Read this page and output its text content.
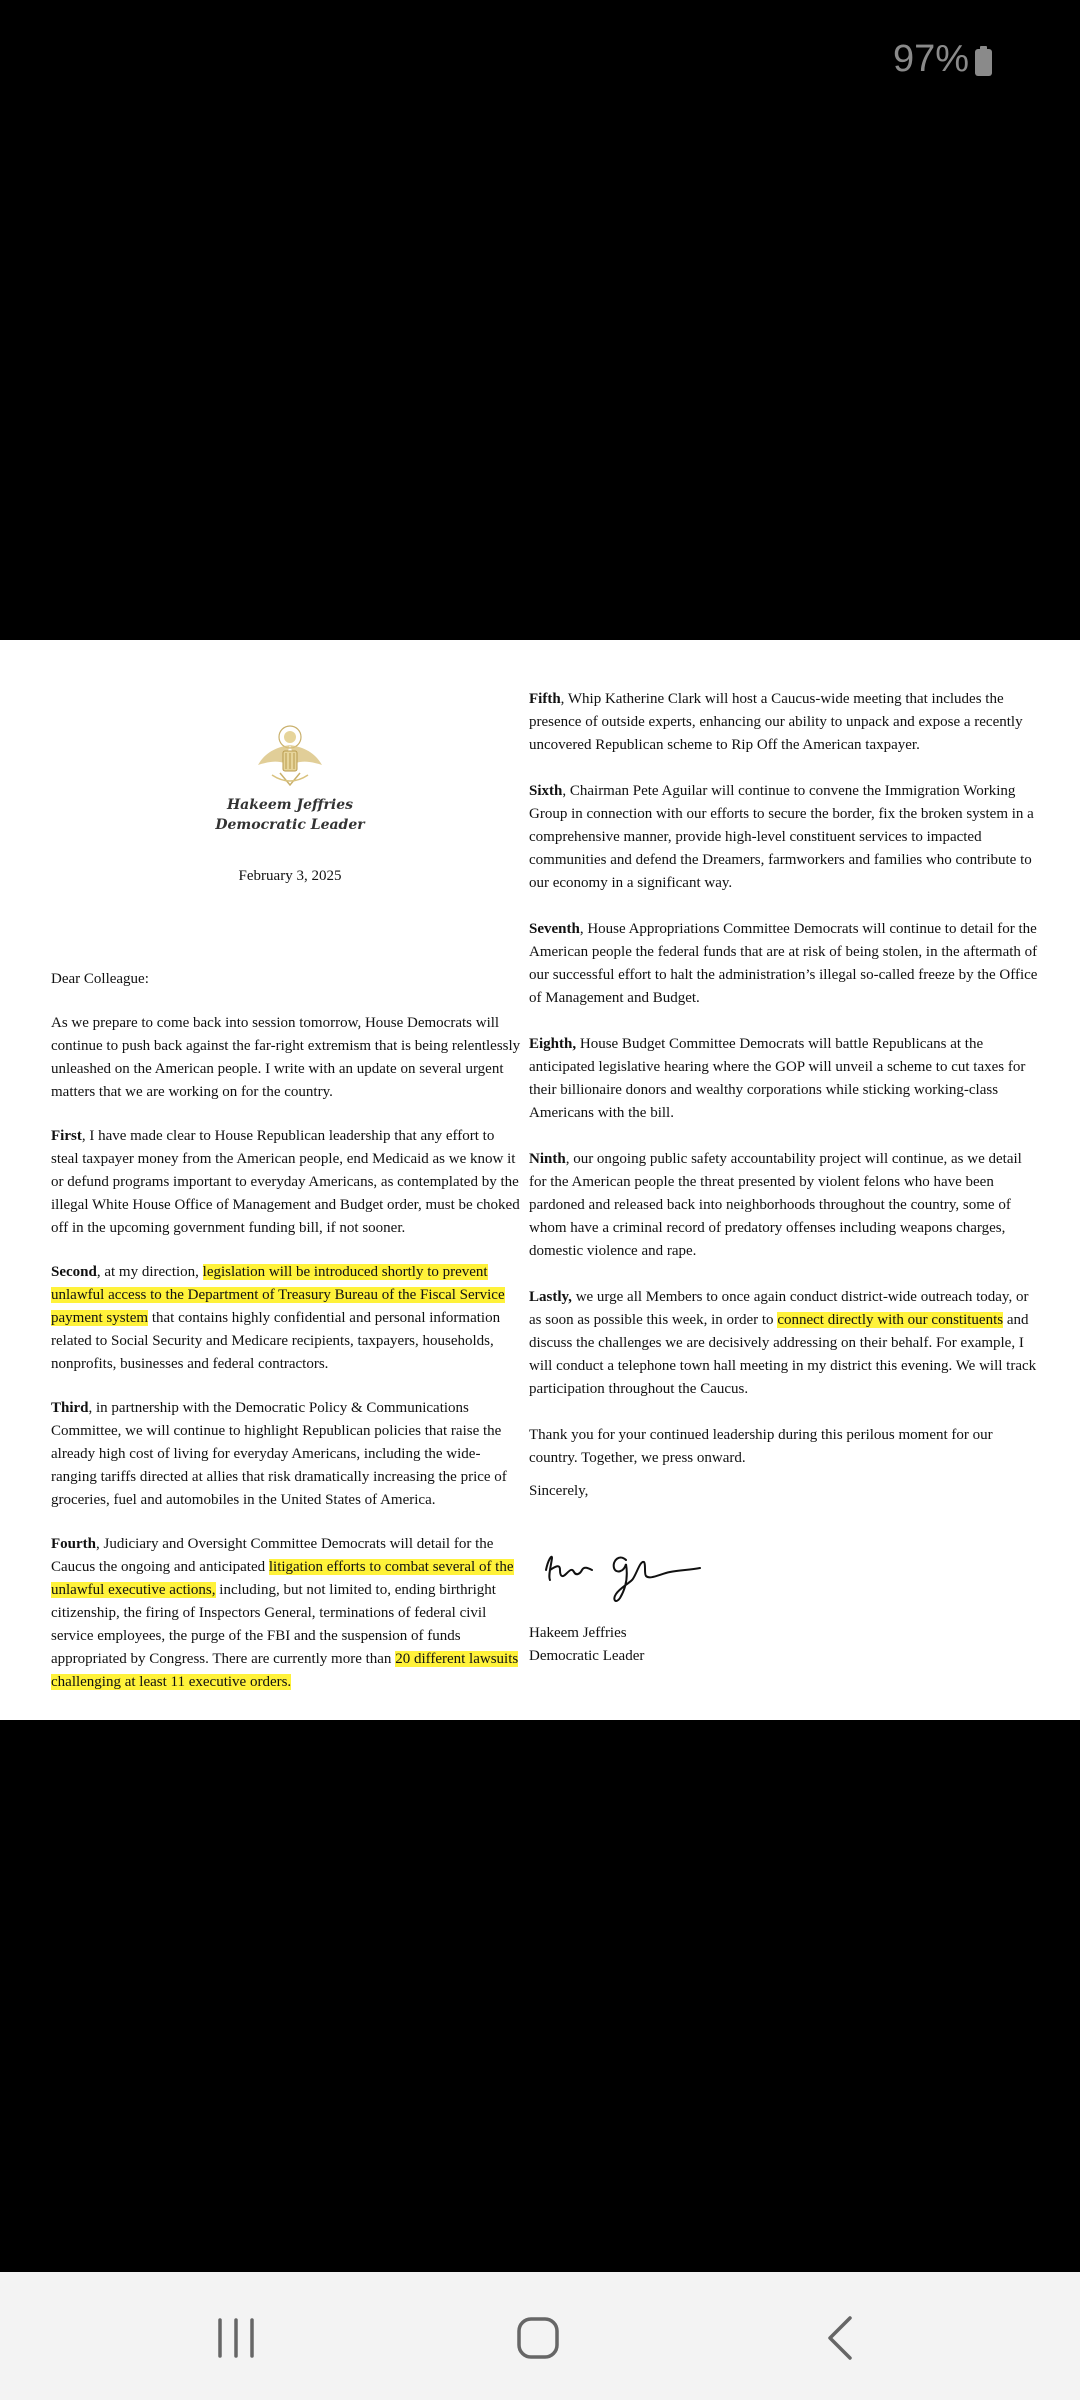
97%
Hakeem Jeffries
Democratic Leader
February 3, 2025

Dear Colleague:

As we prepare to come back into session tomorrow, House Democrats will continue to push back against the far-right extremism that is being relentlessly unleashed on the American people. I write with an update on several urgent matters that we are working on for the country.

First, I have made clear to House Republican leadership that any effort to steal taxpayer money from the American people, end Medicaid as we know it or defund programs important to everyday Americans, as contemplated by the illegal White House Office of Management and Budget order, must be choked off in the upcoming government funding bill, if not sooner.

Second, at my direction, legislation will be introduced shortly to prevent unlawful access to the Department of Treasury Bureau of the Fiscal Service payment system that contains highly confidential and personal information related to Social Security and Medicare recipients, taxpayers, households, nonprofits, businesses and federal contractors.

Third, in partnership with the Democratic Policy & Communications Committee, we will continue to highlight Republican policies that raise the already high cost of living for everyday Americans, including the wide-ranging tariffs directed at allies that risk dramatically increasing the price of groceries, fuel and automobiles in the United States of America.

Fourth, Judiciary and Oversight Committee Democrats will detail for the Caucus the ongoing and anticipated litigation efforts to combat several of the unlawful executive actions, including, but not limited to, ending birthright citizenship, the firing of Inspectors General, terminations of federal civil service employees, the purge of the FBI and the suspension of funds appropriated by Congress. There are currently more than 20 different lawsuits challenging at least 11 executive orders.

Fifth, Whip Katherine Clark will host a Caucus-wide meeting that includes the presence of outside experts, enhancing our ability to unpack and expose a recently uncovered Republican scheme to Rip Off the American taxpayer.

Sixth, Chairman Pete Aguilar will continue to convene the Immigration Working Group in connection with our efforts to secure the border, fix the broken system in a comprehensive manner, provide high-level constituent services to impacted communities and defend the Dreamers, farmworkers and families who contribute to our economy in a significant way.

Seventh, House Appropriations Committee Democrats will continue to detail for the American people the federal funds that are at risk of being stolen, in the aftermath of our successful effort to halt the administration’s illegal so-called freeze by the Office of Management and Budget.

Eighth, House Budget Committee Democrats will battle Republicans at the anticipated legislative hearing where the GOP will unveil a scheme to cut taxes for their billionaire donors and wealthy corporations while sticking working-class Americans with the bill.

Ninth, our ongoing public safety accountability project will continue, as we detail for the American people the threat presented by violent felons who have been pardoned and released back into neighborhoods throughout the country, some of whom have a criminal record of predatory offenses including weapons charges, domestic violence and rape.

Lastly, we urge all Members to once again conduct district-wide outreach today, or as soon as possible this week, in order to connect directly with our constituents and discuss the challenges we are decisively addressing on their behalf. For example, I will conduct a telephone town hall meeting in my district this evening. We will track participation throughout the Caucus.

Thank you for your continued leadership during this perilous moment for our country. Together, we press onward.

Sincerely,

Hakeem Jeffries
Democratic Leader
